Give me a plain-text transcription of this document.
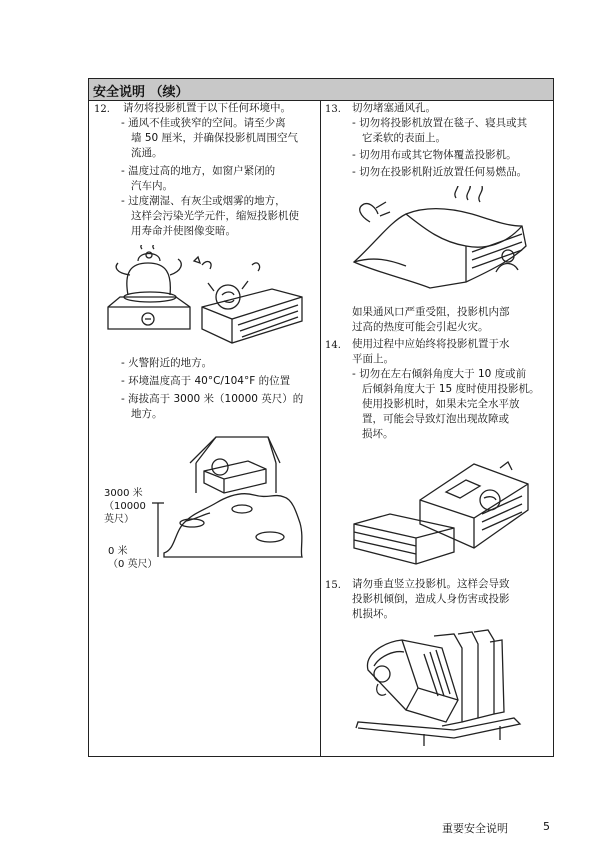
安全说明 （续）
12. 请勿将投影机置于以下任何环境中。
- 通风不佳或狭窄的空间。请至少离
墙 50 厘米，并确保投影机周围空气
流通。
- 温度过高的地方，如窗户紧闭的
汽车内。
- 过度潮湿、有灰尘或烟雾的地方，
这样会污染光学元件，缩短投影机使
用寿命并使图像变暗。
- 火警附近的地方。
- 环境温度高于 40°C/104°F 的位置
- 海拔高于 3000 米（10000 英尺）的
地方。
3000 米
（10000
英尺）
0 米
（0 英尺）
13. 切勿堵塞通风孔。
- 切勿将投影机放置在毯子、寝具或其
它柔软的表面上。
- 切勿用布或其它物体覆盖投影机。
- 切勿在投影机附近放置任何易燃品。
如果通风口严重受阻，投影机内部
过高的热度可能会引起火灾。
14. 使用过程中应始终将投影机置于水
平面上。
- 切勿在左右倾斜角度大于 10 度或前
后倾斜角度大于 15 度时使用投影机。
使用投影机时，如果未完全水平放
置，可能会导致灯泡出现故障或
损坏。
15. 请勿垂直竖立投影机。这样会导致
投影机倾倒，造成人身伤害或投影
机损坏。
重要安全说明	5
